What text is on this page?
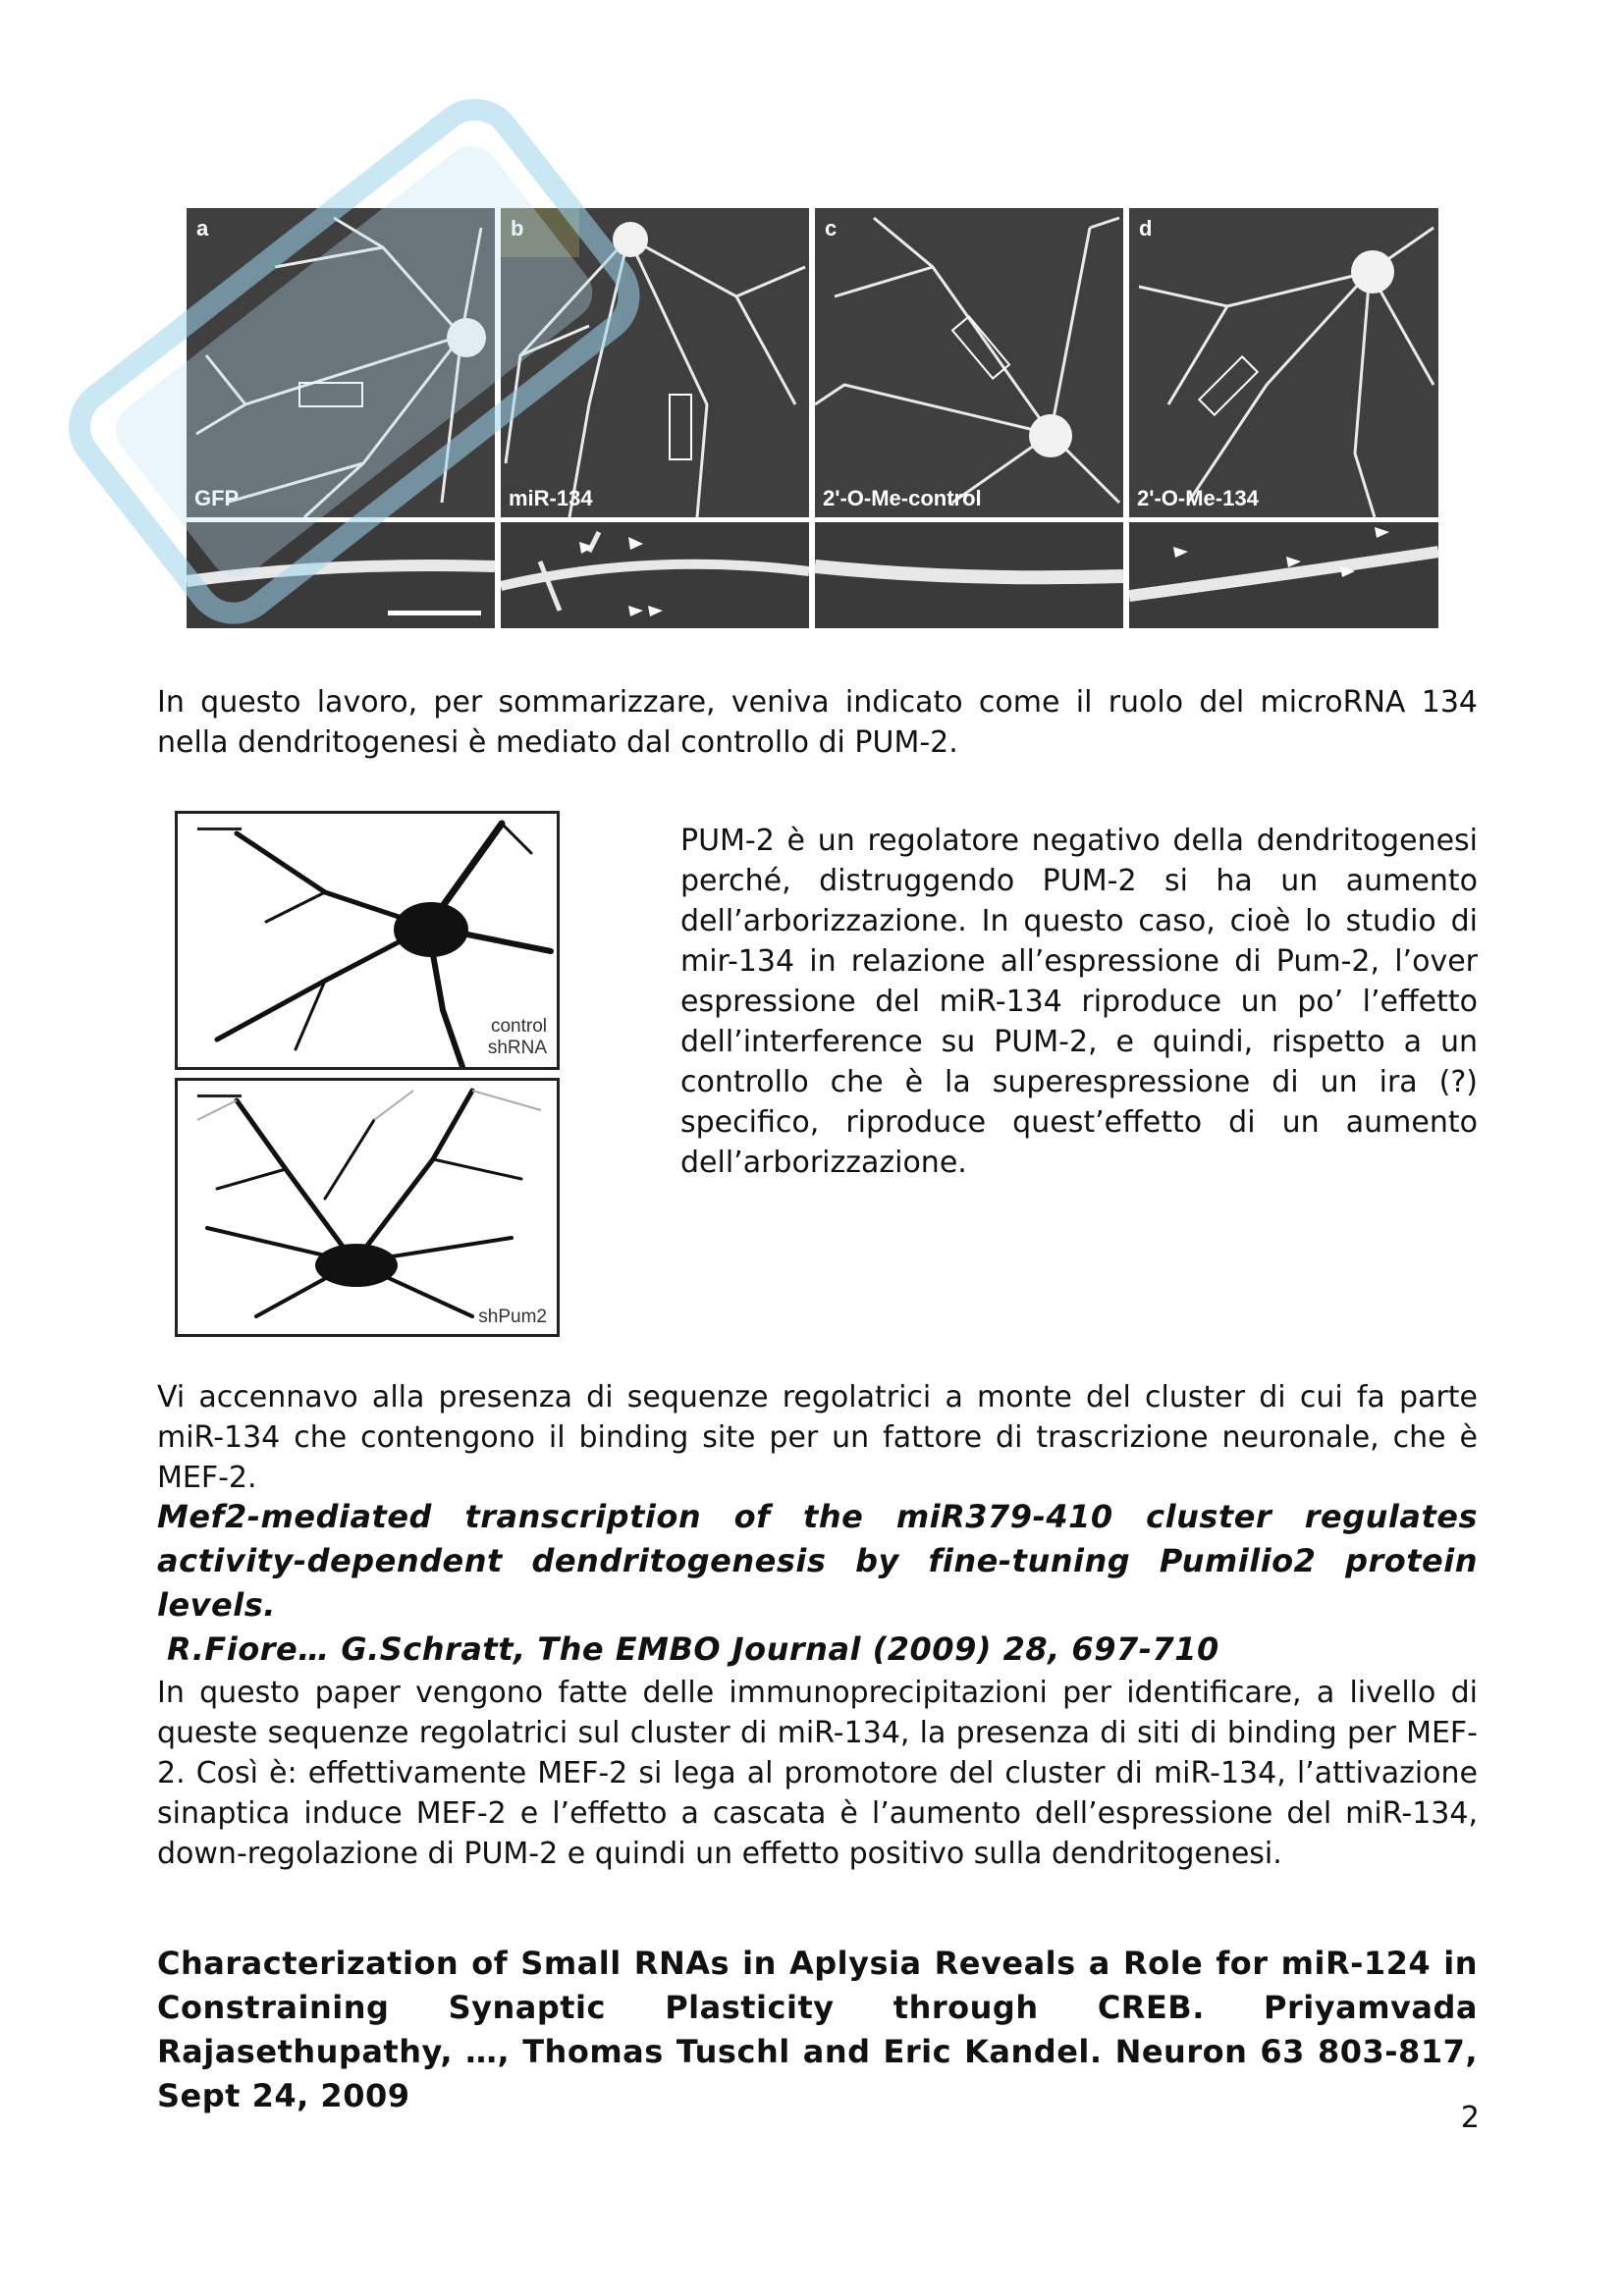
a
GFP
b
miR-134
c
2'-O-Me-control
d
2'-O-Me-134

In questo lavoro, per sommarizzare, veniva indicato come il ruolo del microRNA 134 nella dendritogenesi è mediato dal controllo di PUM-2.

control
shRNA
shPum2

PUM-2 è un regolatore negativo della dendritogenesi perché, distruggendo PUM-2 si ha un aumento dell’arborizzazione. In questo caso, cioè lo studio di mir-134 in relazione all’espressione di Pum-2, l’over espressione del miR-134 riproduce un po’ l’effetto dell’interference su PUM-2, e quindi, rispetto a un controllo che è la superespressione di un ira (?) specifico, riproduce quest’effetto di un aumento dell’arborizzazione.

Vi accennavo alla presenza di sequenze regolatrici a monte del cluster di cui fa parte miR-134 che contengono il binding site per un fattore di trascrizione neuronale, che è MEF-2.

Mef2-mediated transcription of the miR379-410 cluster regulates activity-dependent dendritogenesis by fine-tuning Pumilio2 protein levels.

R.Fiore… G.Schratt, The EMBO Journal (2009) 28, 697-710

In questo paper vengono fatte delle immunoprecipitazioni per identificare, a livello di queste sequenze regolatrici sul cluster di miR-134, la presenza di siti di binding per MEF-2. Così è: effettivamente MEF-2 si lega al promotore del cluster di miR-134, l’attivazione sinaptica induce MEF-2 e l’effetto a cascata è l’aumento dell’espressione del miR-134, down-regolazione di PUM-2 e quindi un effetto positivo sulla dendritogenesi.

Characterization of Small RNAs in Aplysia Reveals a Role for miR-124 in Constraining Synaptic Plasticity through CREB. Priyamvada Rajasethupathy, …, Thomas Tuschl and Eric Kandel. Neuron 63 803-817, Sept 24, 2009

2
